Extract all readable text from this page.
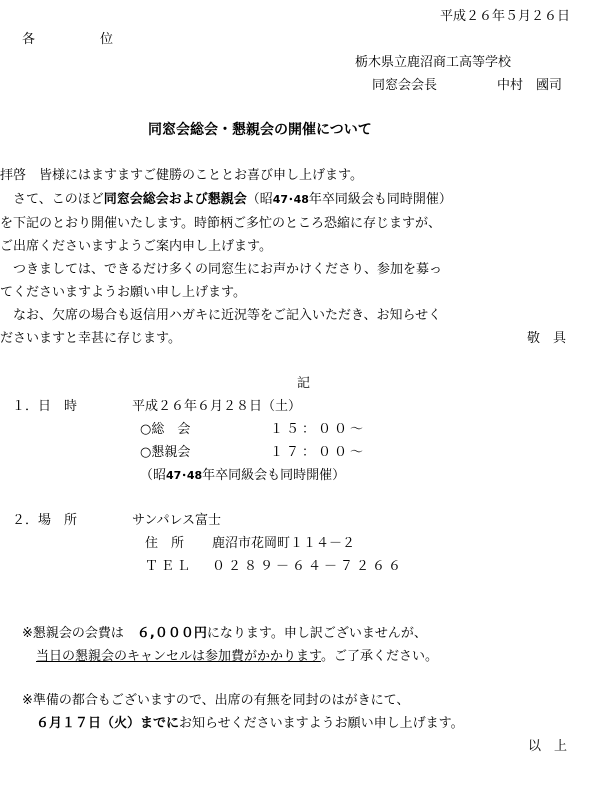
平成２６年５月２６日
各　　　　　位
栃木県立鹿沼商工高等学校
同窓会会長	中村　國司
同窓会総会・懇親会の開催について
拝啓　皆様にはますますご健勝のこととお喜び申し上げます。
　さて、このほど同窓会総会および懇親会（昭47･48年卒同級会も同時開催）
を下記のとおり開催いたします。時節柄ご多忙のところ恐縮に存じますが、
ご出席くださいますようご案内申し上げます。
　つきましては、できるだけ多くの同窓生にお声かけくださり、参加を募っ
てくださいますようお願い申し上げます。
　なお、欠席の場合も返信用ハガキに近況等をご記入いただき、お知らせく
ださいますと幸甚に存じます。	敬　具
記
１．日　時	平成２６年６月２８日（土）
○総　会	１５：００～
○懇親会	１７：００～
（昭47･48年卒同級会も同時開催）
２．場　所	サンパレス富士
住　所 鹿沼市花岡町１１４－２
ＴＥＬ ０２８９－６４－７２６６
※懇親会の会費は　６,０００円になります。申し訳ございませんが、
当日の懇親会のキャンセルは参加費がかかります。ご了承ください。
※準備の都合もございますので、出席の有無を同封のはがきにて、
６月１７日（火）までにお知らせくださいますようお願い申し上げます。
以　上
